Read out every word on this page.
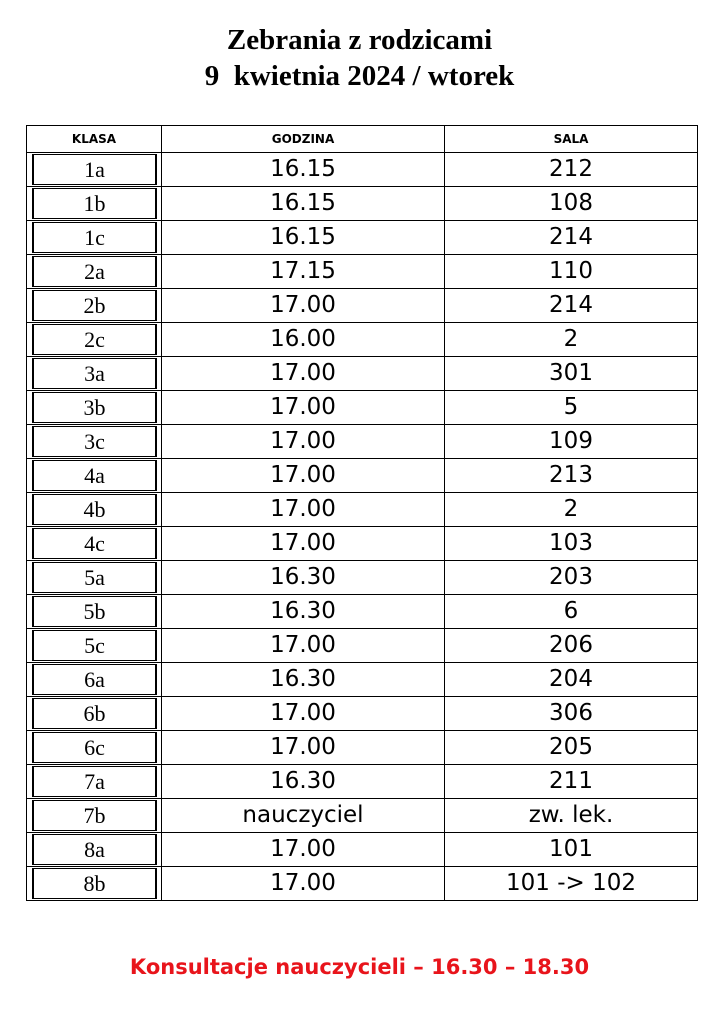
Zebrania z rodzicami
9  kwietnia 2024 / wtorek
KLASA	GODZINA	SALA

1a	16.15	212

1b	16.15	108

1c	16.15	214

2a	17.15	110

2b	17.00	214

2c	16.00	2

3a	17.00	301

3b	17.00	5

3c	17.00	109

4a	17.00	213

4b	17.00	2

4c	17.00	103

5a	16.30	203

5b	16.30	6

5c	17.00	206

6a	16.30	204

6b	17.00	306

6c	17.00	205

7a	16.30	211

7b	nauczyciel	zw. lek.

8a	17.00	101

8b	17.00	101 -> 102
Konsultacje nauczycieli – 16.30 – 18.30
